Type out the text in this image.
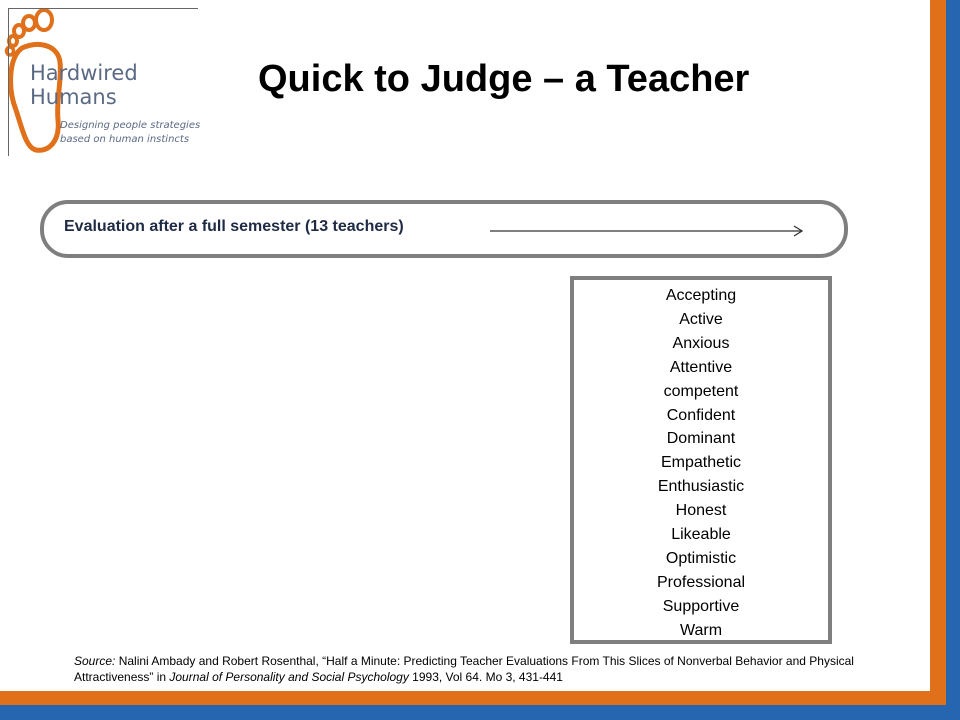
Hardwired
Humans
Designing people strategies
based on human instincts
Quick to Judge – a Teacher
Evaluation after a full semester (13 teachers)
Accepting
Active
Anxious
Attentive
competent
Confident
Dominant
Empathetic
Enthusiastic
Honest
Likeable
Optimistic
Professional
Supportive
Warm
Source: Nalini Ambady and Robert Rosenthal, “Half a Minute: Predicting Teacher Evaluations From This Slices of Nonverbal Behavior and Physical Attractiveness” in Journal of Personality and Social Psychology 1993, Vol 64. Mo 3, 431-441
